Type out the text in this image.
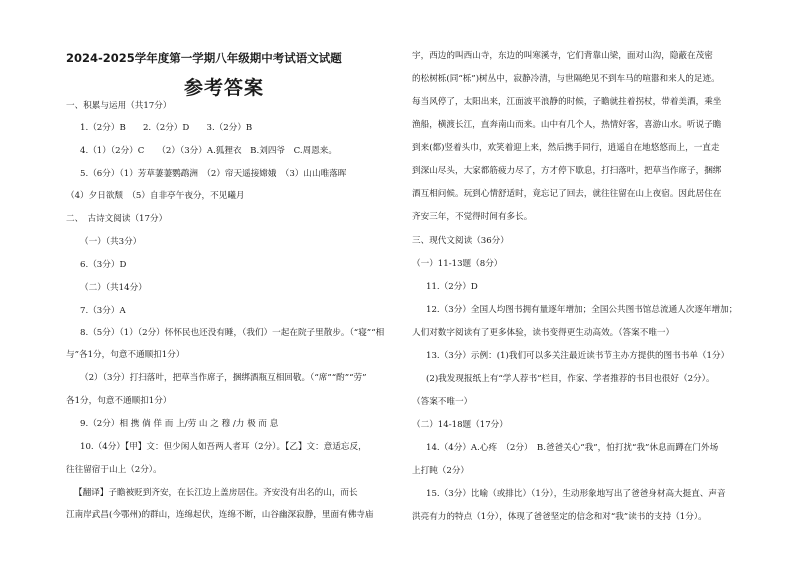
2024-2025学年度第一学期八年级期中考试语文试题
参考答案
一、积累与运用（共17分）
1.（2分）B　　2.（2分）D　　3.（2分）B
4.（1）（2分）C　　（2）（3分）A.狐狸衣　B.刘四爷　C.周恩来。
5.（6分）（1）芳草萋萋鹦鹉洲　（2）帘天遥接嫦娥　（3）山山唯落晖
（4）夕日欲颓　（5）自非亭午夜分，不见曦月
二、　古诗文阅读（17分）
（一）（共3分）
6.（3分）D
（二）（共14分）
7.（3分）A
8.（5分）（1）（2分）怀怀民也还没有睡，（我们）一起在院子里散步。（“寝”“相
与”各1分，句意不通顺扣1分）
（2）（3分）打扫落叶，把草当作席子，捆绑酒瓶互相回敬。（“席”“酌”“劳”
各1分，句意不通顺扣1分）
9.（2分）相 携 倘 佯 而 上/劳 山 之 穆 /力 极 而 息
10.（4分）【甲】文：但少闲人如吾两人者耳（2分）。【乙】文：意适忘反，
往往留宿于山上（2分）。
【翻译】子瞻被贬到齐安，在长江边上盖房居住。齐安没有出名的山，而长
江南岸武昌(今鄂州)的群山，连绵起伏，连绵不断，山谷幽深寂静，里面有佛寺庙
宇，西边的叫西山寺，东边的叫寒溪寺，它们背靠山梁，面对山沟，隐蔽在茂密
的松树栎(同“栎”)树丛中，寂静冷清，与世隔绝见不到车马的喧嚣和来人的足迹。
每当风停了，太阳出来，江面波平浪静的时候，子瞻就拄着拐杖，带着美酒，乘坐
渔船，横渡长江，直奔南山而来。山中有几个人，热情好客，喜游山水。听说子瞻
到来(都)竖着头巾，欢笑着迎上来，然后携手同行，逍遥自在地悠悠而上，一直走
到深山尽头，大家都筋疲力尽了，方才停下歇息，打扫落叶，把草当作席子，捆绑
酒互相问候。玩到心情舒适时，竟忘记了回去，就往往留在山上夜宿。因此居住在
齐安三年，不觉得时间有多长。
三、现代文阅读（36分）
（一）11-13题（8分）
11.（2分）D
12.（3分）全国人均图书拥有量逐年增加；全国公共图书馆总流通人次逐年增加；
人们对数字阅读有了更多体验，读书变得更生动高效。（答案不唯一）
13.（3分）示例：(1)我们可以多关注最近读书节主办方提供的图书书单（1分）
(2)我发现报纸上有“学人荐书”栏目，作家、学者推荐的书目也很好（2分）。
（答案不唯一）
（二）14-18题（17分）
14.（4分）A.心疼　（2分）　B.爸爸关心“我”，怕打扰“我”休息而蹲在门外场
上打盹（2分）
15.（3分）比喻（或排比）（1分），生动形象地写出了爸爸身材高大挺直、声音
洪亮有力的特点（1分），体现了爸爸坚定的信念和对“我”读书的支持（1分）。
